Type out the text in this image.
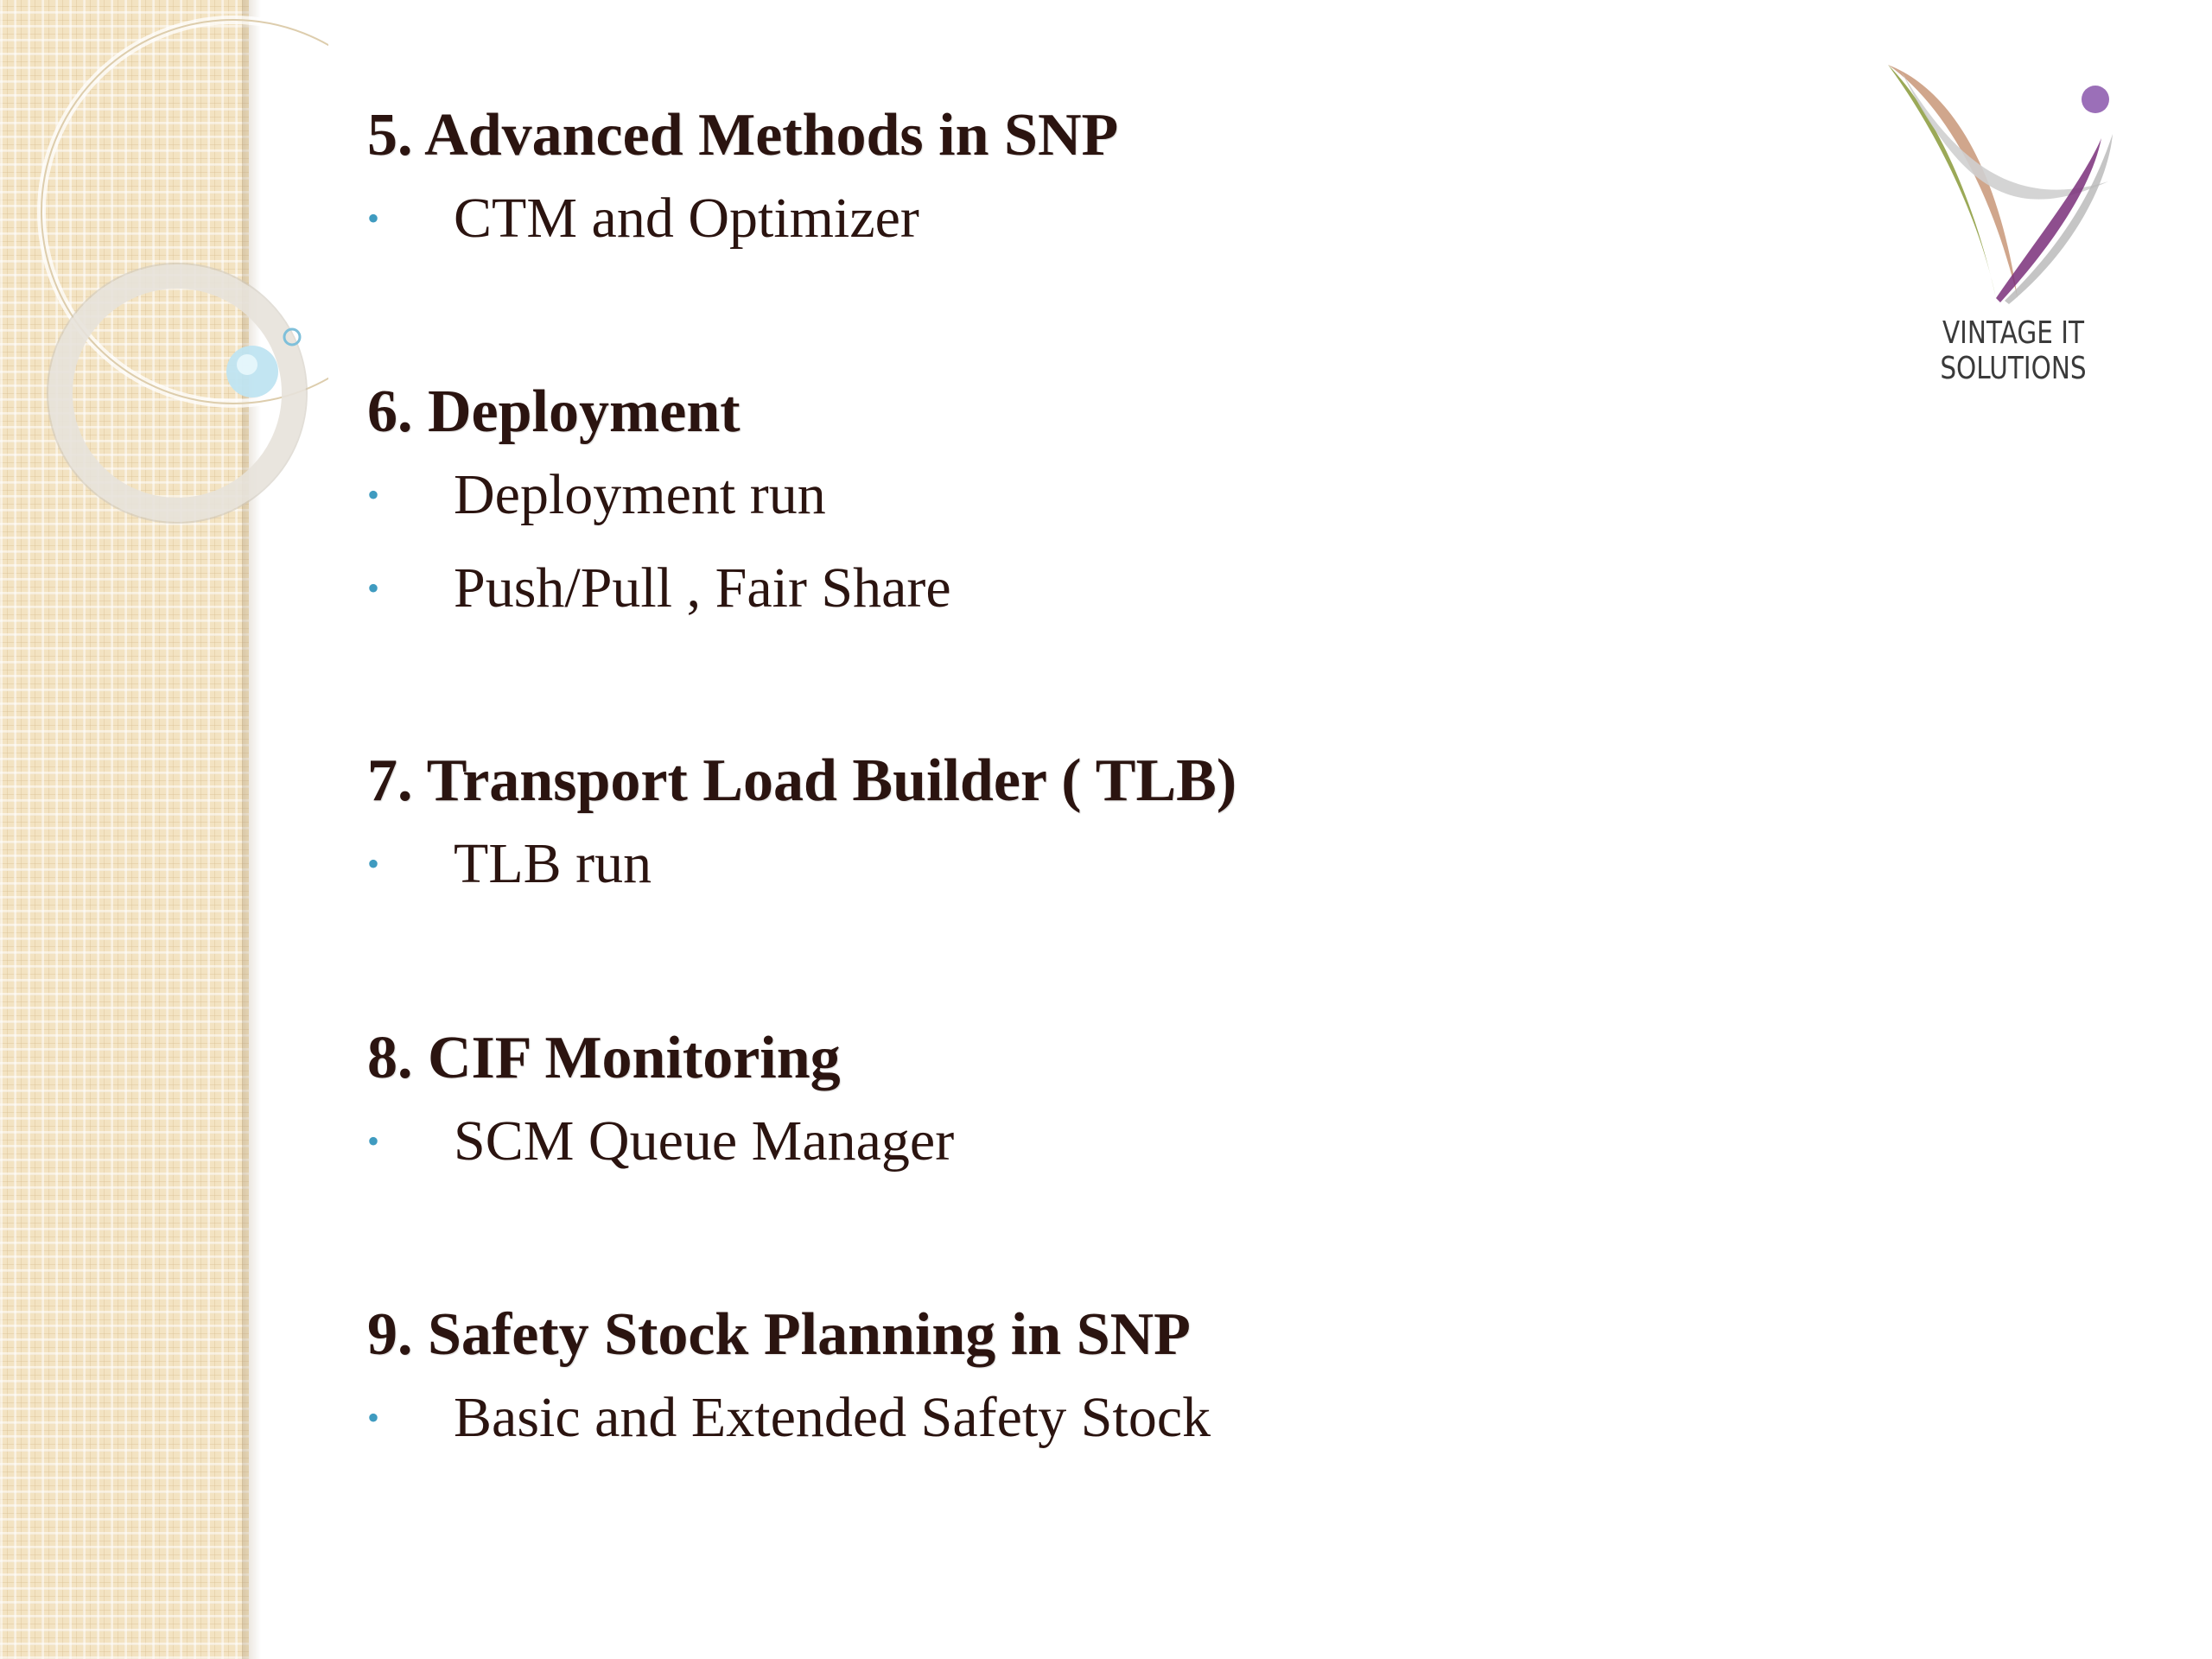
VINTAGE IT SOLUTIONS
5. Advanced Methods in SNP
•	CTM and Optimizer
6. Deployment
•	Deployment run
•	Push/Pull , Fair Share
7. Transport Load Builder ( TLB)
•	TLB run
8. CIF Monitoring
•	SCM Queue Manager
9. Safety Stock Planning in SNP
•	Basic and Extended Safety Stock
